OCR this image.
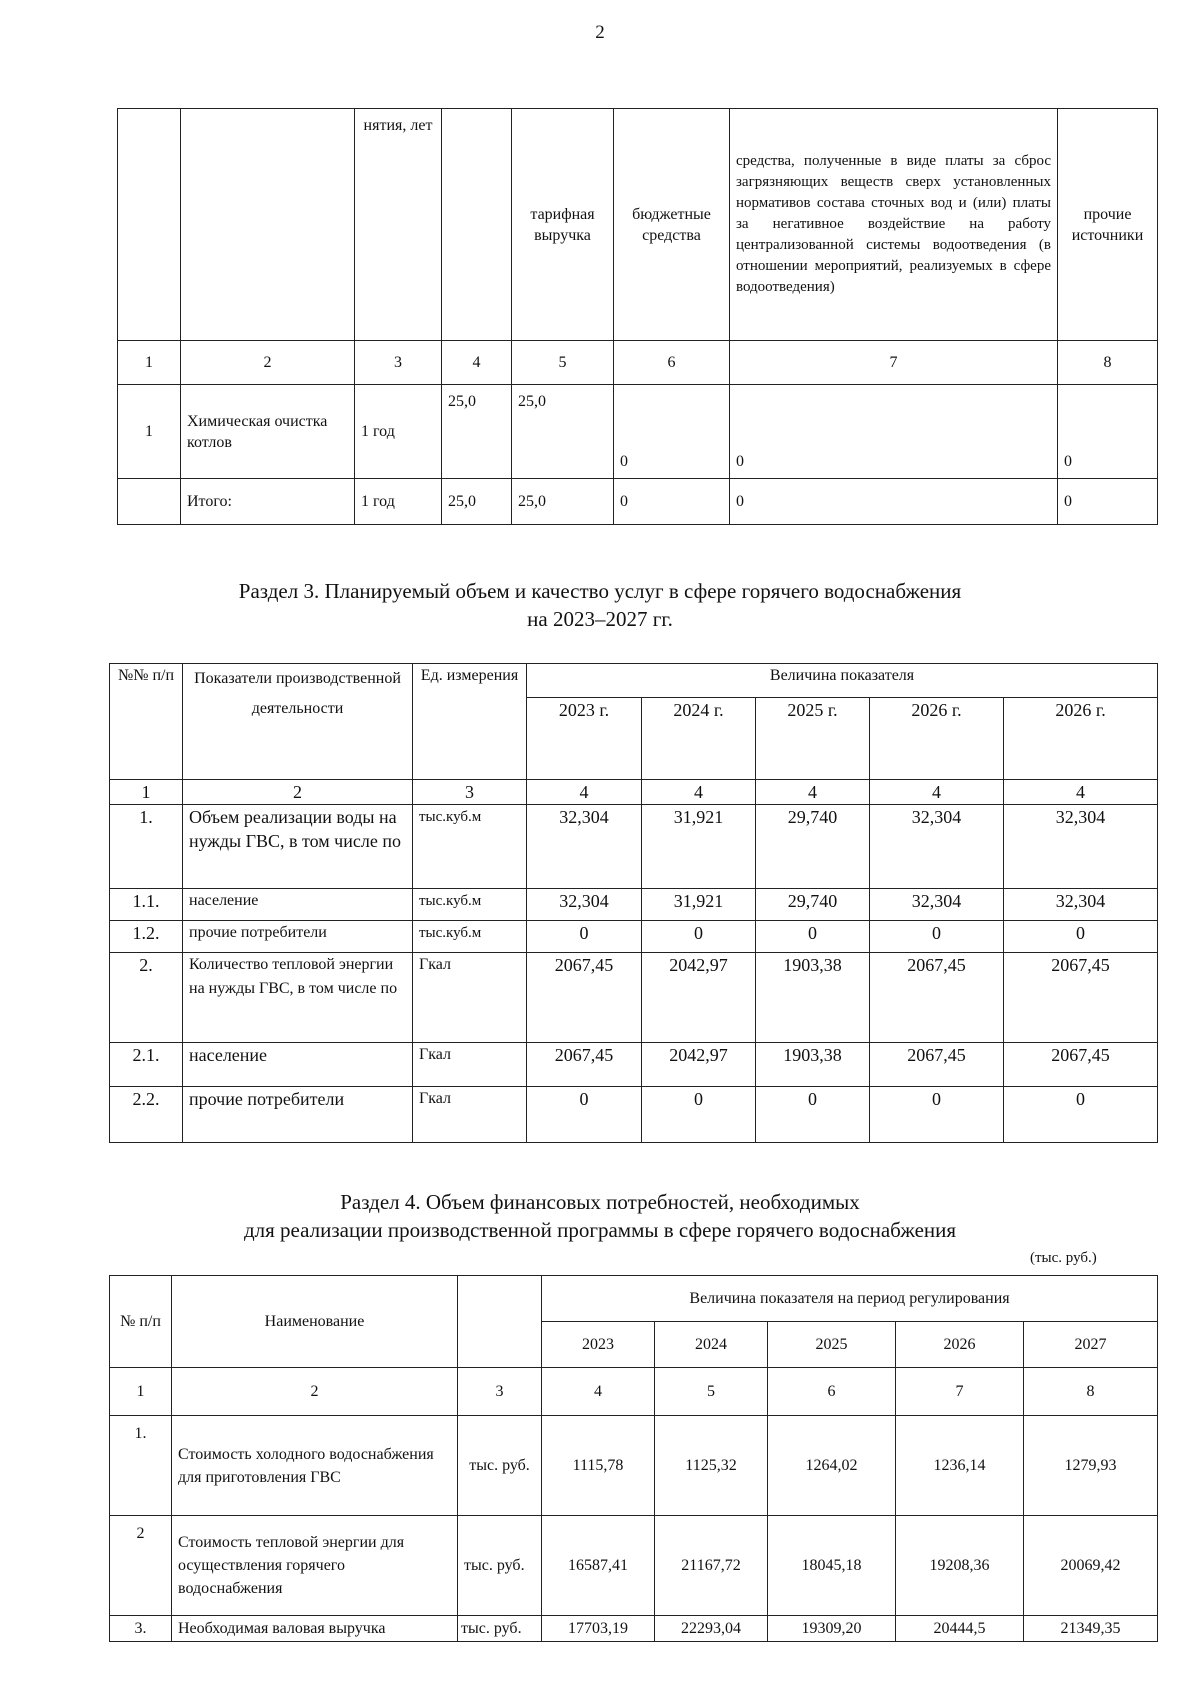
2
		нятия, лет		тарифная выручка	бюджетные средства	средства, полученные в виде платы за сброс загрязняющих веществ сверх установленных нормативов состава сточных вод и (или) платы за негативное воздействие на работу централизованной системы водоотведения (в отношении мероприятий, реализуемых в сфере водоотведения)	прочие источники
1	2	3	4	5	6	7	8
1	Химическая очистка котлов	1 год	25,0	25,0	0	0	0
	Итого:	1 год	25,0	25,0	0	0	0
Раздел 3. Планируемый объем и качество услуг в сфере горячего водоснабжения
на 2023–2027 гг.
№№ п/п	Показатели производственной деятельности	Ед. измерения	Величина показателя				
			2023 г.	2024 г.	2025 г.	2026 г.	2026 г.
1	2	3	4	4	4	4	4
1.	Объем реализации воды на нужды ГВС, в том числе по	тыс.куб.м	32,304	31,921	29,740	32,304	32,304
1.1.	население	тыс.куб.м	32,304	31,921	29,740	32,304	32,304
1.2.	прочие потребители	тыс.куб.м	0	0	0	0	0
2.	Количество тепловой энергии на нужды ГВС, в том числе по	Гкал	2067,45	2042,97	1903,38	2067,45	2067,45
2.1.	население	Гкал	2067,45	2042,97	1903,38	2067,45	2067,45
2.2.	прочие потребители	Гкал	0	0	0	0	0
Раздел 4. Объем финансовых потребностей, необходимых
для реализации производственной программы в сфере горячего водоснабжения
(тыс. руб.)
№ п/п	Наименование		Величина показателя на период регулирования				
			2023	2024	2025	2026	2027
1	2	3	4	5	6	7	8
1.	Стоимость холодного водоснабжения для приготовления ГВС	тыс. руб.	1115,78	1125,32	1264,02	1236,14	1279,93
2	Стоимость тепловой энергии для осуществления горячего водоснабжения	тыс. руб.	16587,41	21167,72	18045,18	19208,36	20069,42
3.	Необходимая валовая выручка	тыс. руб.	17703,19	22293,04	19309,20	20444,5	21349,35
